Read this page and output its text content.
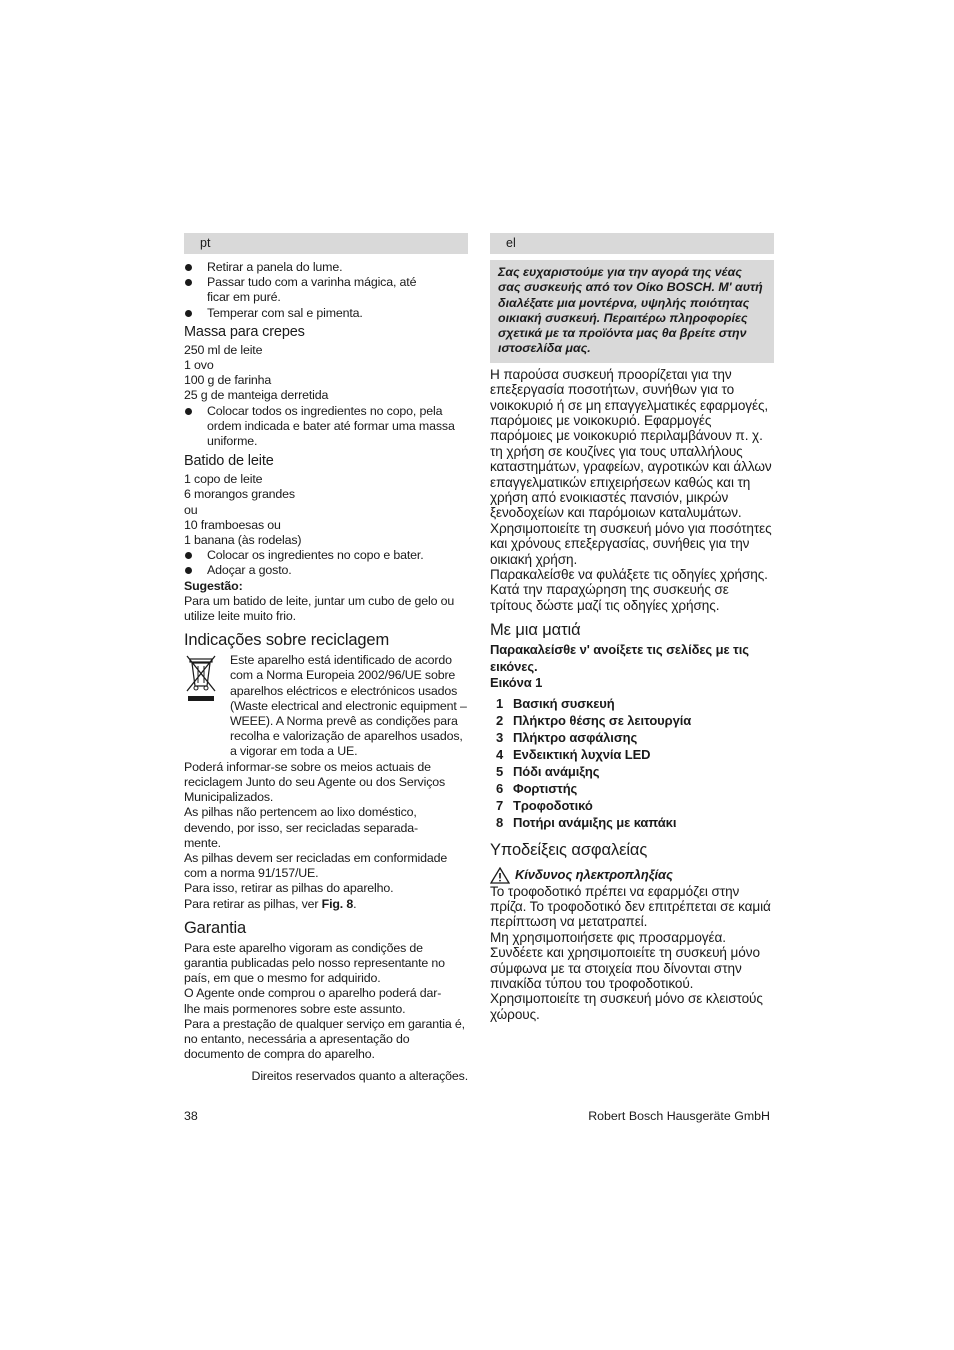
pt
Retirar a panela do lume.
Passar tudo com a varinha mágica, até
ficar em puré.
Temperar com sal e pimenta.
Massa para crepes
250 ml de leite
1 ovo
100 g de farinha
25 g de manteiga derretida
Colocar todos os ingredientes no copo, pela ordem indicada e bater até formar uma massa uniforme.
Batido de leite
1 copo de leite
6 morangos grandes
ou
10 framboesas ou
1 banana (às rodelas)
Colocar os ingredientes no copo e bater.
Adoçar a gosto.
Sugestão:

Para um batido de leite, juntar um cubo de gelo ou utilize leite muito frio.

Indicações sobre reciclagem
Este aparelho está identificado de acordo com a Norma Europeia 2002/96/UE sobre aparelhos eléctricos e electrónicos usados (Waste electrical and electronic equipment – WEEE). A Norma prevê as condições para recolha e valorização de aparelhos usados, a vigorar em toda a UE.

Poderá informar-se sobre os meios actuais de reciclagem Junto do seu Agente ou dos Serviços Municipalizados.

As pilhas não pertencem ao lixo doméstico, devendo, por isso, ser recicladas separada-
mente.

As pilhas devem ser recicladas em conformidade com a norma 91/157/UE.

Para isso, retirar as pilhas do aparelho.

Para retirar as pilhas, ver Fig. 8.

Garantia

Para este aparelho vigoram as condições de garantia publicadas pelo nosso representante no país, em que o mesmo for adquirido.

O Agente onde comprou o aparelho poderá dar-
lhe mais pormenores sobre este assunto.

Para a prestação de qualquer serviço em garantia é, no entanto, necessária a apresentação do documento de compra do aparelho.

Direitos reservados quanto a alterações.
el
Σας ευχαριστούμε για την αγορά της νέας σας συσκευής από τον Οίκο BOSCH. Μ' αυτή διαλέξατε μια μοντέρνα, υψηλής ποιότητας οικιακή συσκευή. Περαιτέρω πληροφορίες σχετικά με τα προϊόντα μας θα βρείτε στην ιστοσελίδα μας.

Η παρούσα συσκευή προορίζεται για την επεξεργασία ποσοτήτων, συνήθων για το νοικοκυριό ή σε μη επαγγελματικές εφαρμογές, παρόμοιες με νοικοκυριό. Εφαρμογές παρόμοιες με νοικοκυριό περιλαμβάνουν π. χ. τη χρήση σε κουζίνες για τους υπαλλήλους καταστημάτων, γραφείων, αγροτικών και άλλων επαγγελματικών επιχειρήσεων καθώς και τη χρήση από ενοικιαστές πανσιόν, μικρών ξενοδοχείων και παρόμοιων καταλυμάτων.

Χρησιμοποιείτε τη συσκευή μόνο για ποσότητες και χρόνους επεξεργασίας, συνήθεις για την οικιακή χρήση.

Παρακαλείσθε να φυλάξετε τις οδηγίες χρήσης. Κατά την παραχώρηση της συσκευής σε τρίτους δώστε μαζί τις οδηγίες χρήσης.

Με μια ματιά
Παρακαλείσθε ν' ανοίξετε τις σελίδες με τις εικόνες.
Εικόνα 1
1 Βασική συσκευή
2 Πλήκτρο θέσης σε λειτουργία
3 Πλήκτρο ασφάλισης
4 Ενδεικτική λυχνία LED
5 Πόδι ανάμιξης
6 Φορτιστής
7 Τροφοδοτικό
8 Ποτήρι ανάμιξης με καπάκι
Υποδείξεις ασφαλείας
Κίνδυνος ηλεκτροπληξίας

Το τροφοδοτικό πρέπει να εφαρμόζει στην πρίζα. Το τροφοδοτικό δεν επιτρέπεται σε καμιά περίπτωση να μετατραπεί.

Μη χρησιμοποιήσετε φις προσαρμογέα.

Συνδέετε και χρησιμοποιείτε τη συσκευή μόνο σύμφωνα με τα στοιχεία που δίνονται στην πινακίδα τύπου του τροφοδοτικού.

Χρησιμοποιείτε τη συσκευή μόνο σε κλειστούς χώρους.

38	Robert Bosch Hausgeräte GmbH
